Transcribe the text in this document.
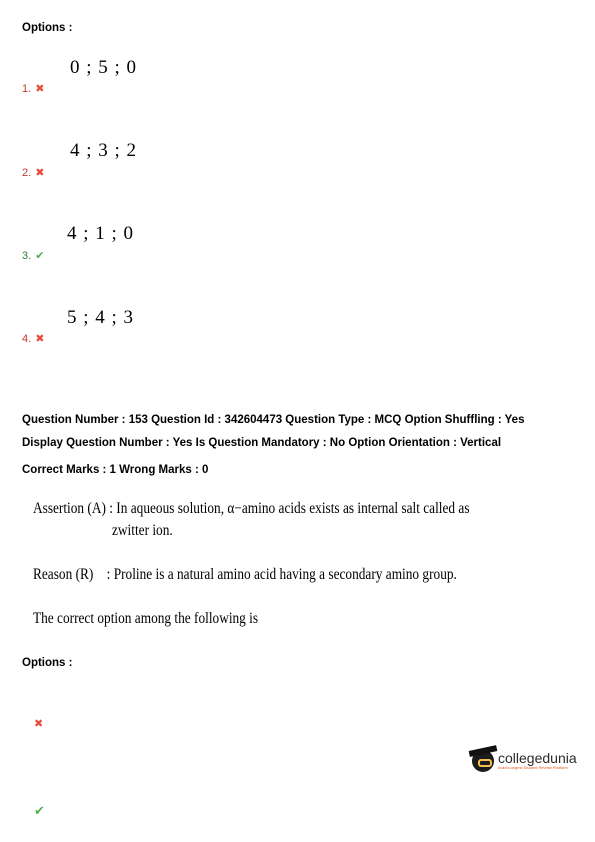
Options :
0 ; 5 ; 0
1. ✖
4 ; 3 ; 2
2. ✖
4 ; 1 ; 0
3. ✔
5 ; 4 ; 3
4. ✖
Question Number : 153 Question Id : 342604473 Question Type : MCQ Option Shuffling : Yes
Display Question Number : Yes Is Question Mandatory : No Option Orientation : Vertical
Correct Marks : 1 Wrong Marks : 0
Assertion (A) : In aqueous solution, α−amino acids exists as internal salt called as
zwitter ion.
Reason (R)    : Proline is a natural amino acid having a secondary amino group.
The correct option among the following is
Options :
✖
✔
collegedunia
India's largest Student Review Platform
